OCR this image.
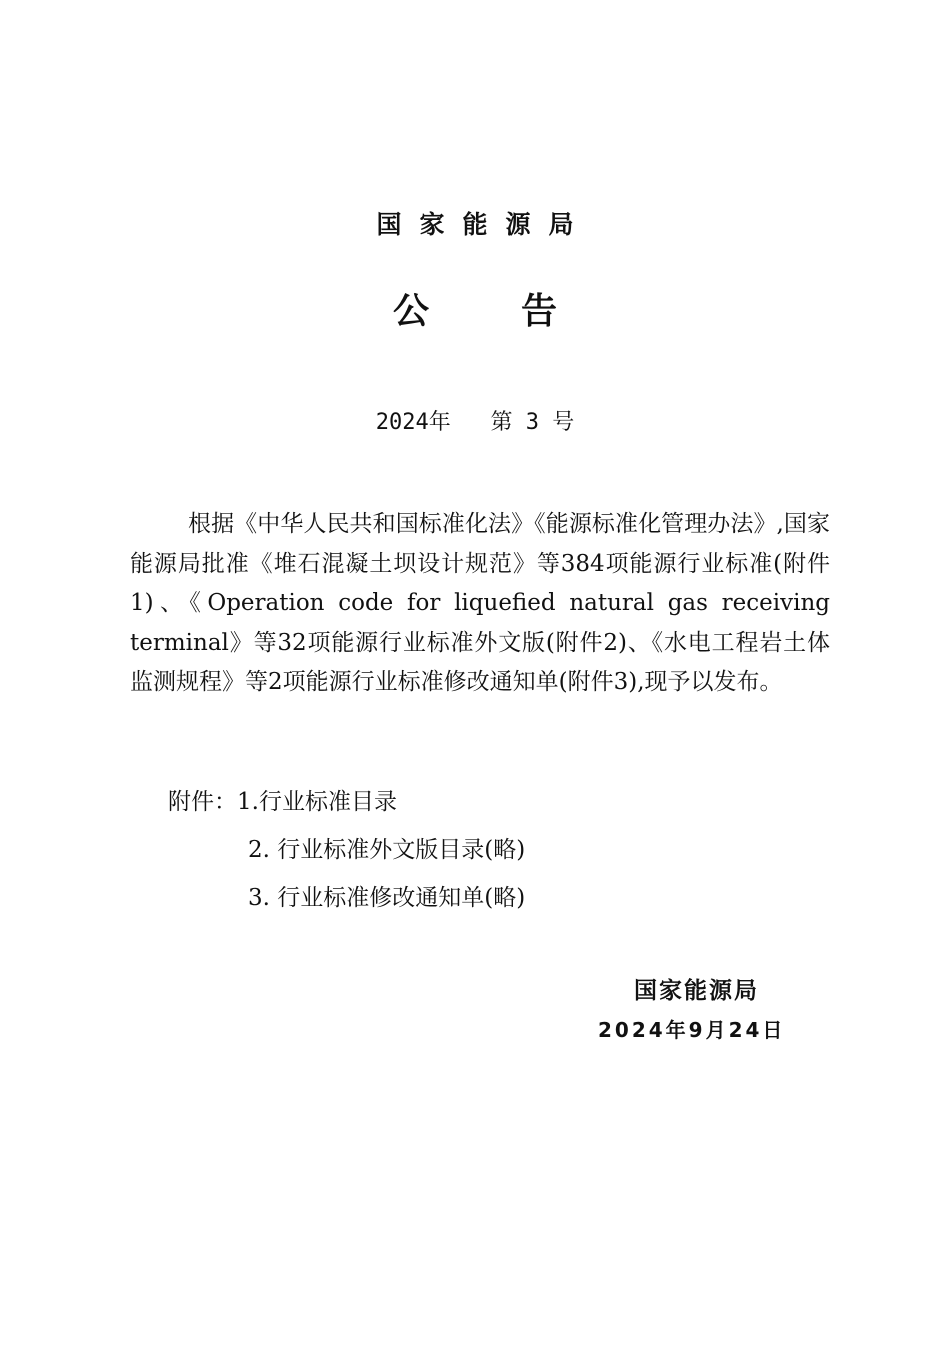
国家能源局
公告
2024年   第 3 号
根据《中华人民共和国标准化法》《能源标准化管理办法》,国家能源局批准《堆石混凝土坝设计规范》等384项能源行业标准(附件1)、《Operation code for liquefied natural gas receiving terminal》等32项能源行业标准外文版(附件2)、《水电工程岩土体监测规程》等2项能源行业标准修改通知单(附件3),现予以发布。
附件：1.行业标准目录
2. 行业标准外文版目录(略)
3. 行业标准修改通知单(略)
国家能源局
2024年9月24日
